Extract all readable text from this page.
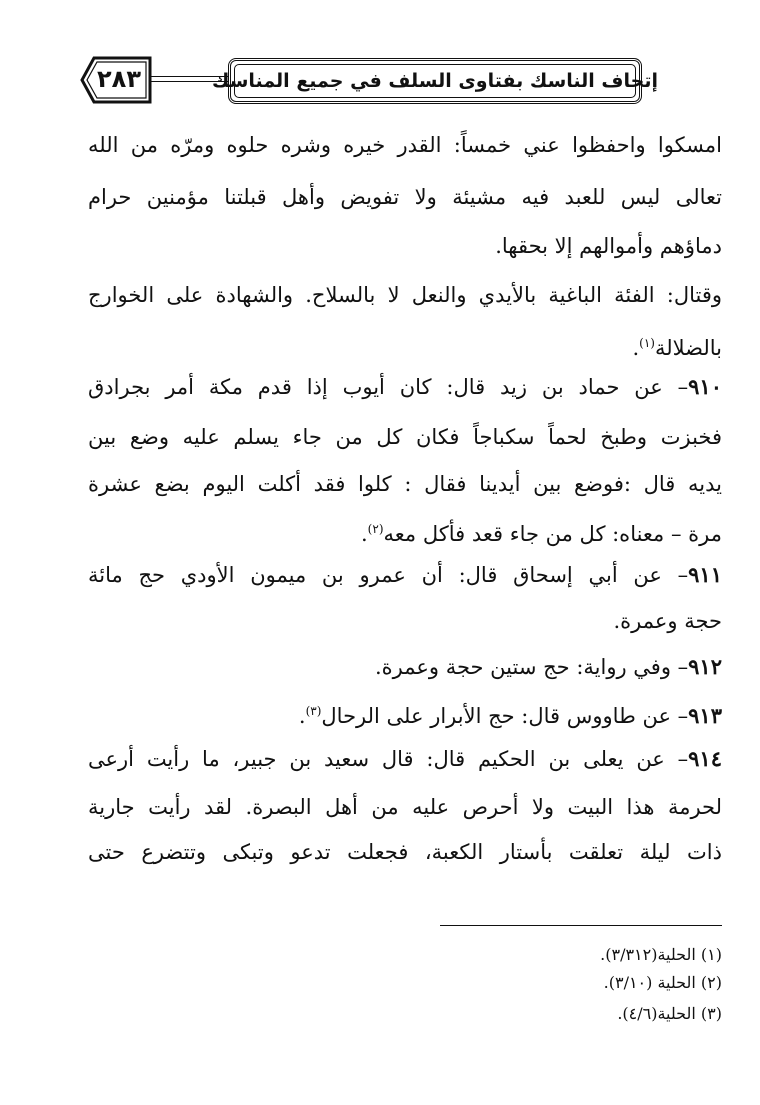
٢٨٣	إتحاف الناسك بفتاوى السلف في جميع المناسك
امسكوا واحفظوا عني خمساً: القدر خيره وشره حلوه ومرّه من الله
تعالى ليس للعبد فيه مشيئة ولا تفويض وأهل قبلتنا مؤمنين حرام
دماؤهم وأموالهم إلا بحقها.
وقتال: الفئة الباغية بالأيدي والنعل لا بالسلاح. والشهادة على الخوارج
بالضلالة$^{(١)}$.
٩١٠– عن حماد بن زيد قال: كان أيوب إذا قدم مكة أمر بجرادق
فخبزت وطبخ لحماً سكباجاً فكان كل من جاء يسلم عليه وضع بين
يديه قال :فوضع بين أيدينا فقال : كلوا فقد أكلت اليوم بضع عشرة
مرة – معناه: كل من جاء قعد فأكل معه$^{(٢)}$.
٩١١– عن أبي إسحاق قال: أن عمرو بن ميمون الأودي حج مائة
حجة وعمرة.
٩١٢– وفي رواية: حج ستين حجة وعمرة.
٩١٣– عن طاووس قال: حج الأبرار على الرحال$^{(٣)}$.
٩١٤– عن يعلى بن الحكيم قال: قال سعيد بن جبير، ما رأيت أرعى
لحرمة هذا البيت ولا أحرص عليه من أهل البصرة. لقد رأيت جارية
ذات ليلة تعلقت بأستار الكعبة، فجعلت تدعو وتبكى وتتضرع حتى
(١) الحلية(٣/٣١٢).
(٢) الحلية (٣/١٠).
(٣) الحلية(٤/٦).
